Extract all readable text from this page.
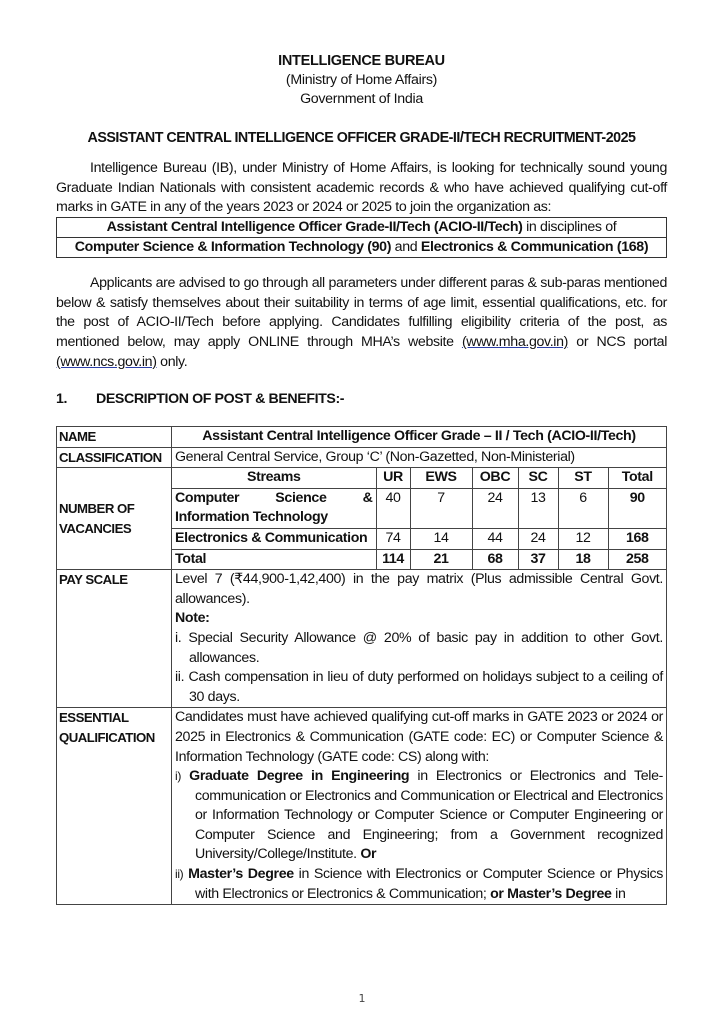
INTELLIGENCE BUREAU
(Ministry of Home Affairs)
Government of India
ASSISTANT CENTRAL INTELLIGENCE OFFICER GRADE-II/TECH RECRUITMENT-2025
Intelligence Bureau (IB), under Ministry of Home Affairs, is looking for technically sound young Graduate Indian Nationals with consistent academic records & who have achieved qualifying cut-off marks in GATE in any of the years 2023 or 2024 or 2025 to join the organization as:
Assistant Central Intelligence Officer Grade-II/Tech (ACIO-II/Tech) in disciplines of
Computer Science & Information Technology (90) and Electronics & Communication (168)
Applicants are advised to go through all parameters under different paras & sub-paras mentioned below & satisfy themselves about their suitability in terms of age limit, essential qualifications, etc. for the post of ACIO-II/Tech before applying. Candidates fulfilling eligibility criteria of the post, as mentioned below, may apply ONLINE through MHA’s website (www.mha.gov.in) or NCS portal (www.ncs.gov.in) only.
1. DESCRIPTION OF POST & BENEFITS:-
NAME	Assistant Central Intelligence Officer Grade – II / Tech (ACIO-II/Tech)
CLASSIFICATION	General Central Service, Group ‘C’ (Non-Gazetted, Non-Ministerial)
NUMBER OF VACANCIES	
Streams	UR	EWS	OBC	SC	ST	Total
Computer Science & Information Technology	40	7	24	13	6	90
Electronics & Communication	74	14	44	24	12	168
Total	114	21	68	37	18	258

PAY SCALE	Level 7 (₹44,900-1,42,400) in the pay matrix (Plus admissible Central Govt. allowances).
Note:
i. Special Security Allowance @ 20% of basic pay in addition to other Govt. allowances.
ii. Cash compensation in lieu of duty performed on holidays subject to a ceiling of 30 days.

ESSENTIAL QUALIFICATION	
Candidates must have achieved qualifying cut-off marks in GATE 2023 or 2024 or 2025 in Electronics & Communication (GATE code: EC) or Computer Science & Information Technology (GATE code: CS) along with:
i) Graduate Degree in Engineering in Electronics or Electronics and Tele-communication or Electronics and Communication or Electrical and Electronics or Information Technology or Computer Science or Computer Engineering or Computer Science and Engineering; from a Government recognized University/College/Institute. Or
ii) Master’s Degree in Science with Electronics or Computer Science or Physics with Electronics or Electronics & Communication; or Master’s Degree in
1
